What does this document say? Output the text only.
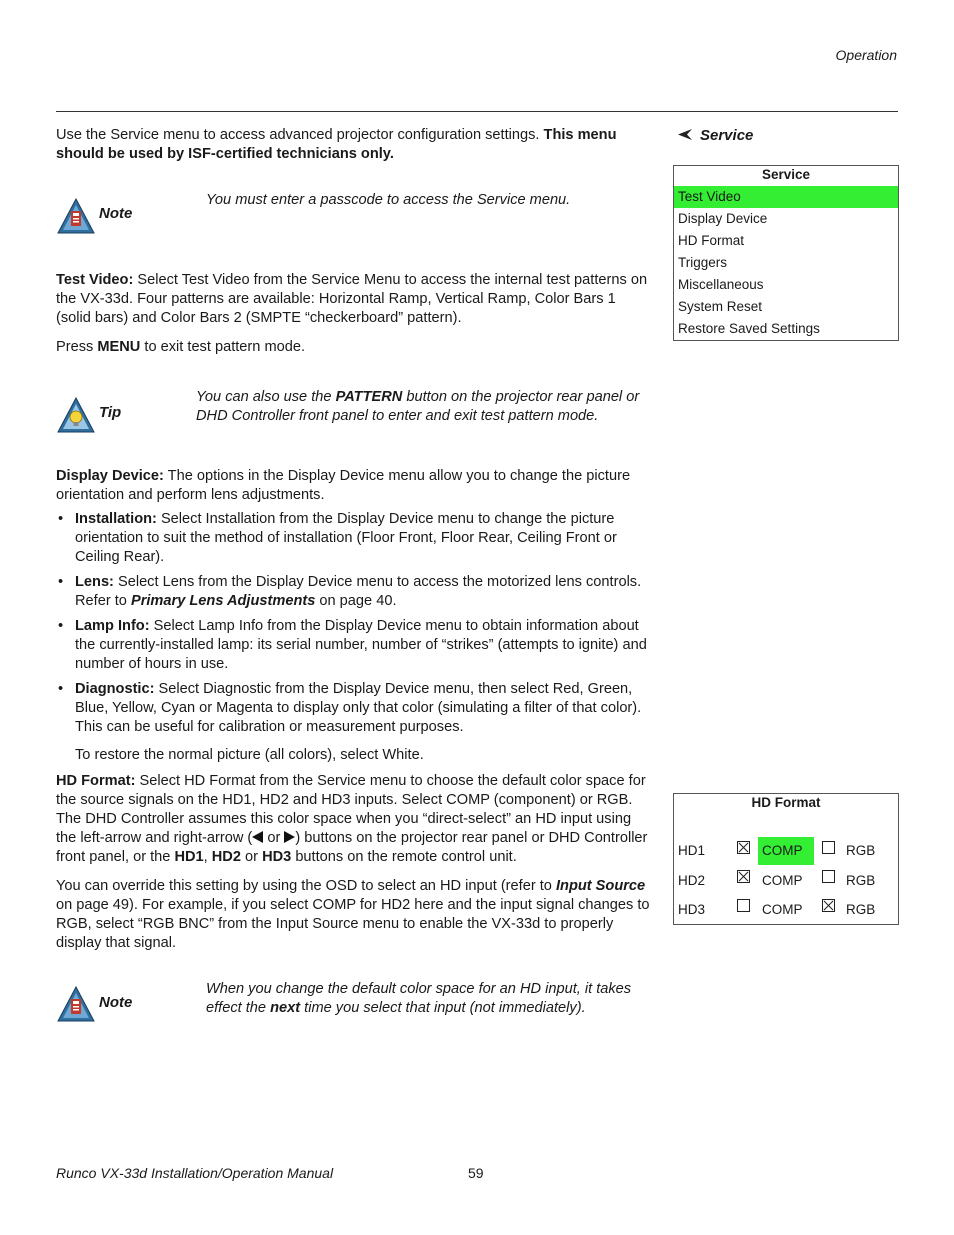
Operation

Use the Service menu to access advanced projector configuration settings. This menu should be used by ISF-certified technicians only.

Note
You must enter a passcode to access the Service menu.

Test Video: Select Test Video from the Service Menu to access the internal test patterns on the VX-33d. Four patterns are available: Horizontal Ramp, Vertical Ramp, Color Bars 1 (solid bars) and Color Bars 2 (SMPTE “checkerboard” pattern).

Press MENU to exit test pattern mode.

Tip
You can also use the PATTERN button on the projector rear panel or DHD Controller front panel to enter and exit test pattern mode.

Display Device: The options in the Display Device menu allow you to change the picture orientation and perform lens adjustments.

• Installation: Select Installation from the Display Device menu to change the picture orientation to suit the method of installation (Floor Front, Floor Rear, Ceiling Front or Ceiling Rear).
• Lens: Select Lens from the Display Device menu to access the motorized lens controls. Refer to Primary Lens Adjustments on page 40.
• Lamp Info: Select Lamp Info from the Display Device menu to obtain information about the currently-installed lamp: its serial number, number of “strikes” (attempts to ignite) and number of hours in use.
• Diagnostic: Select Diagnostic from the Display Device menu, then select Red, Green, Blue, Yellow, Cyan or Magenta to display only that color (simulating a filter of that color). This can be useful for calibration or measurement purposes.
To restore the normal picture (all colors), select White.

HD Format: Select HD Format from the Service menu to choose the default color space for the source signals on the HD1, HD2 and HD3 inputs. Select COMP (component) or RGB. The DHD Controller assumes this color space when you “direct-select” an HD input using the left-arrow and right-arrow ( or ) buttons on the projector rear panel or DHD Controller front panel, or the HD1, HD2 or HD3 buttons on the remote control unit.

You can override this setting by using the OSD to select an HD input (refer to Input Source on page 49). For example, if you select COMP for HD2 here and the input signal changes to RGB, select “RGB BNC” from the Input Source menu to enable the VX-33d to properly display that signal.

Note
When you change the default color space for an HD input, it takes effect the next time you select that input (not immediately).
Service
Service
Test Video
Display Device
HD Format
Triggers
Miscellaneous
System Reset
Restore Saved Settings
HD Format
HD1	COMP	RGB
HD2	COMP	RGB
HD3	COMP	RGB
Runco VX-33d Installation/Operation Manual	59
